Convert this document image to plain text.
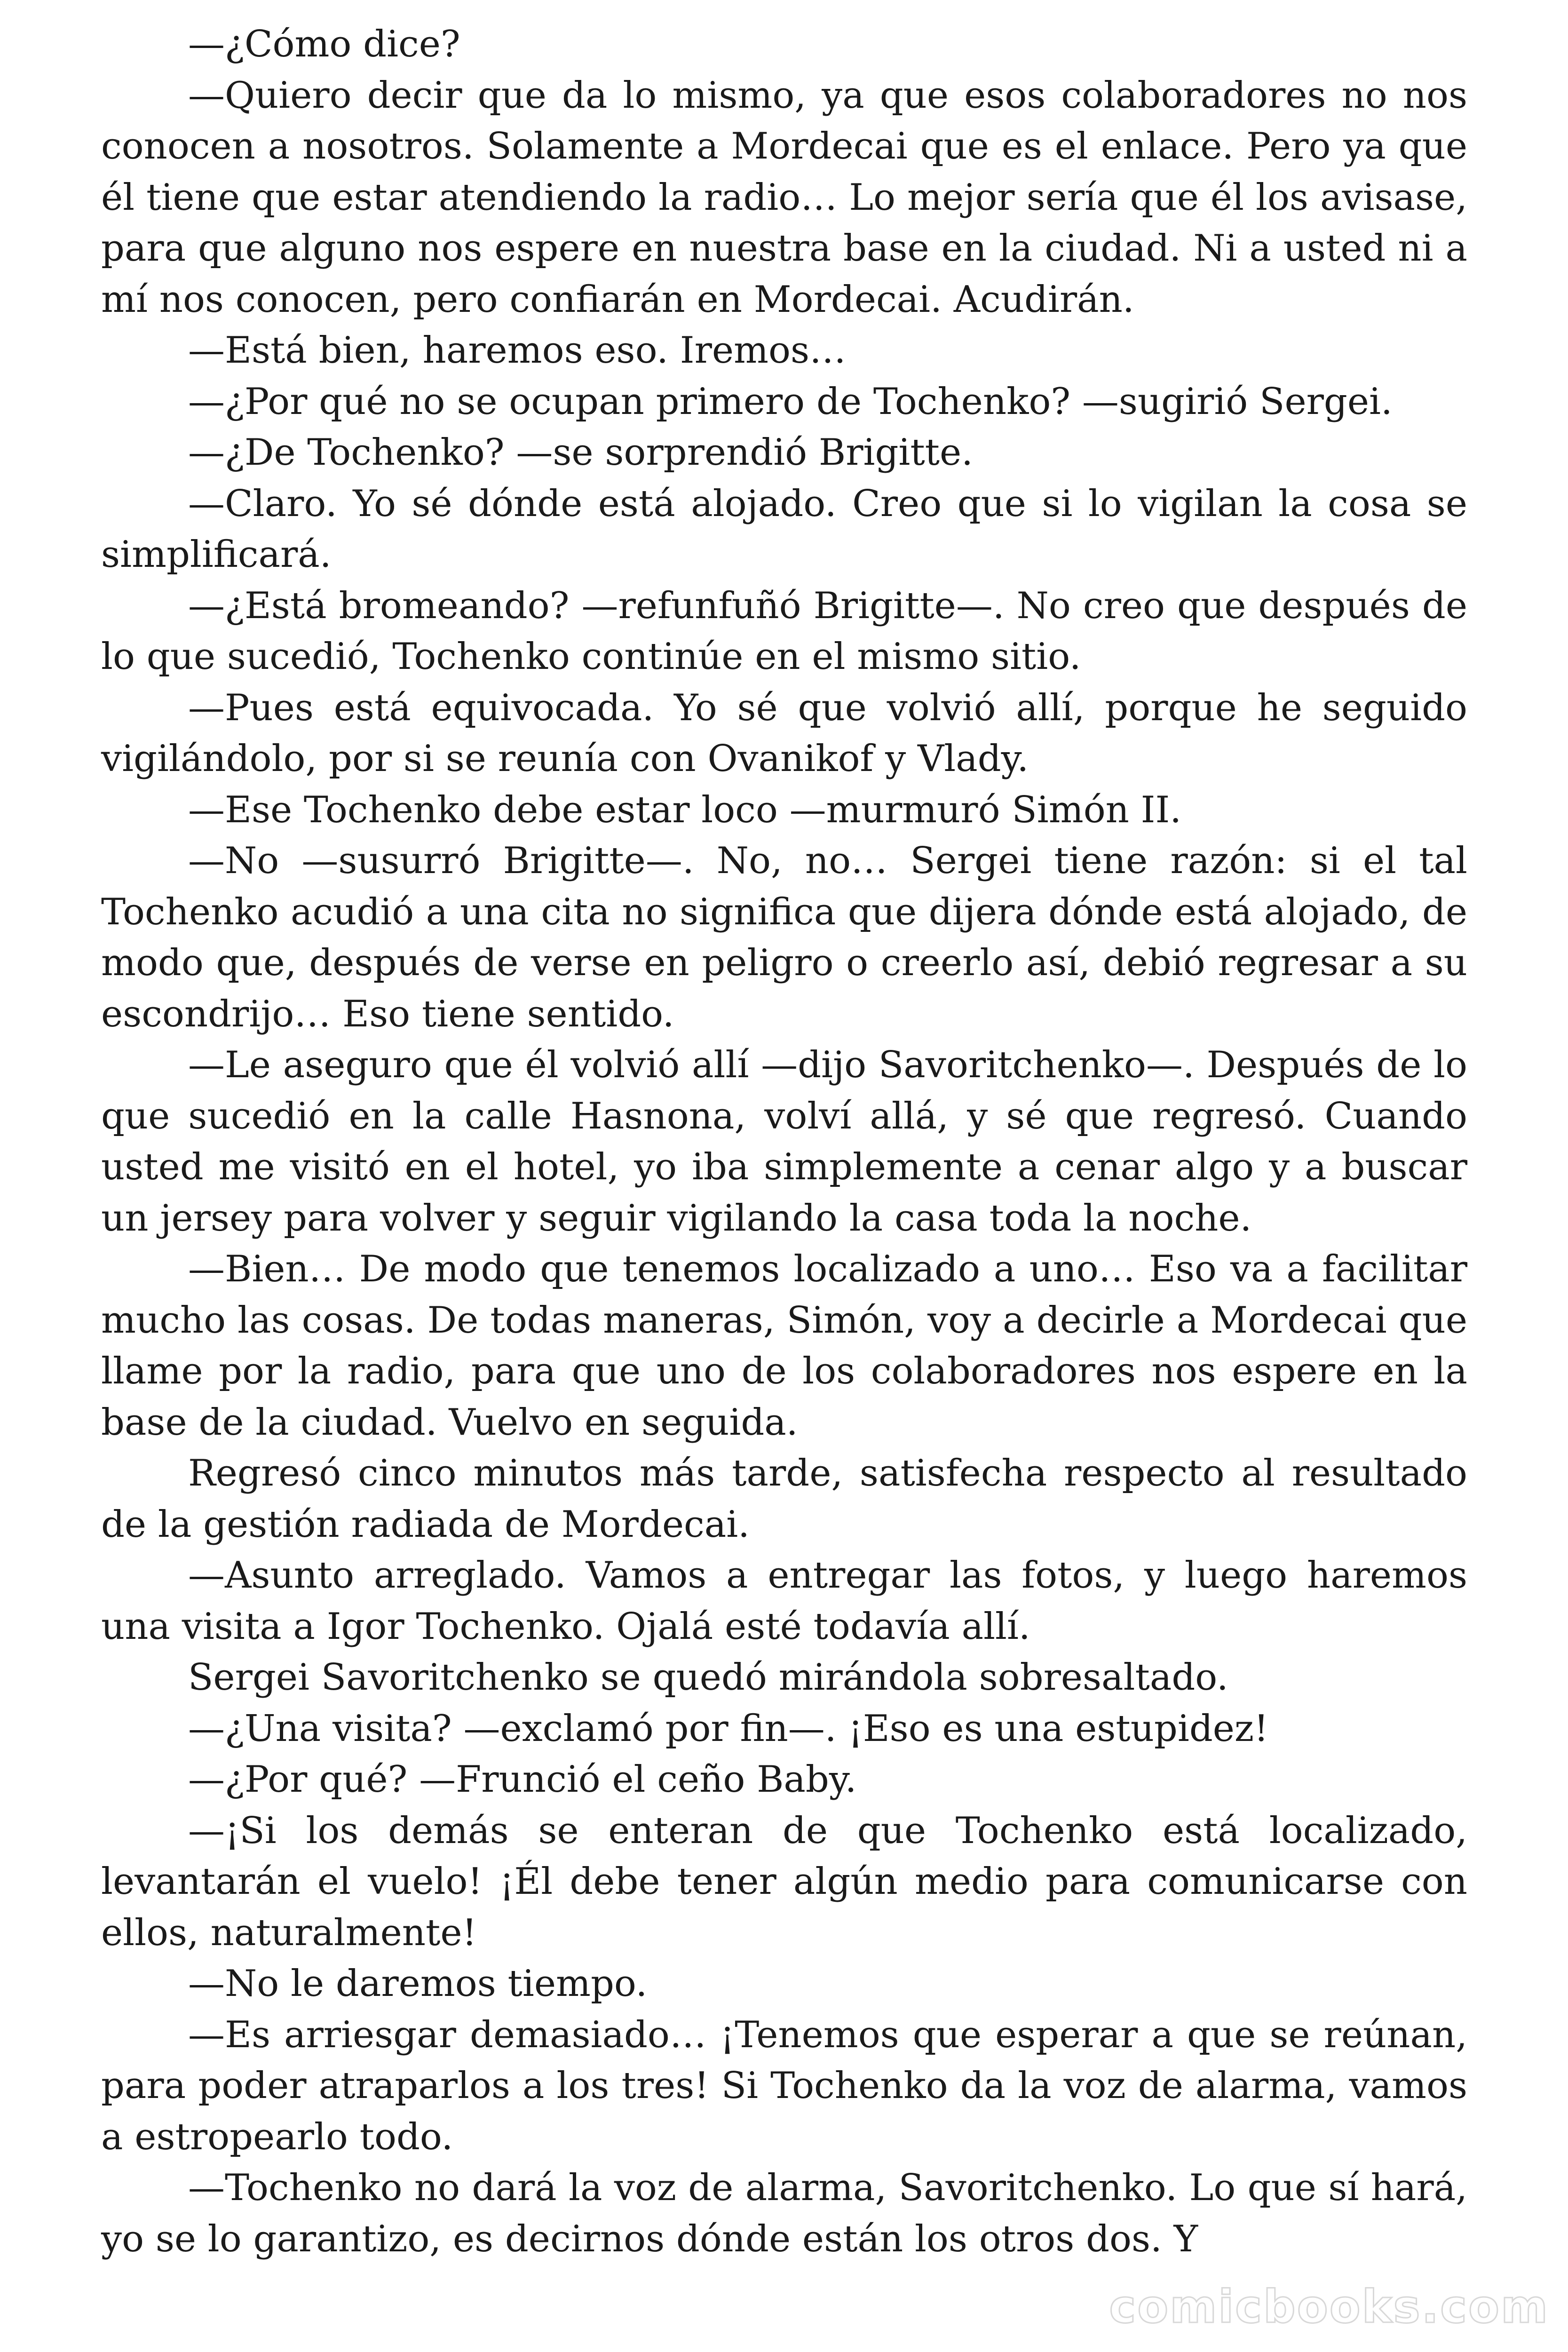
—¿Cómo dice?

—Quiero decir que da lo mismo, ya que esos colaboradores no nos conocen a nosotros. Solamente a Mordecai que es el enlace. Pero ya que él tiene que estar atendiendo la radio… Lo mejor sería que él los avisase, para que alguno nos espere en nuestra base en la ciudad. Ni a usted ni a mí nos conocen, pero confiarán en Mordecai. Acudirán.

—Está bien, haremos eso. Iremos…

—¿Por qué no se ocupan primero de Tochenko? —sugirió Sergei.

—¿De Tochenko? —se sorprendió Brigitte.

—Claro. Yo sé dónde está alojado. Creo que si lo vigilan la cosa se simplificará.

—¿Está bromeando? —refunfuñó Brigitte—. No creo que después de lo que sucedió, Tochenko continúe en el mismo sitio.

—Pues está equivocada. Yo sé que volvió allí, porque he seguido vigilándolo, por si se reunía con Ovanikof y Vlady.

—Ese Tochenko debe estar loco —murmuró Simón II.

—No —susurró Brigitte—. No, no… Sergei tiene razón: si el tal Tochenko acudió a una cita no significa que dijera dónde está alojado, de modo que, después de verse en peligro o creerlo así, debió regresar a su escondrijo… Eso tiene sentido.

—Le aseguro que él volvió allí —dijo Savoritchenko—. Después de lo que sucedió en la calle Hasnona, volví allá, y sé que regresó. Cuando usted me visitó en el hotel, yo iba simplemente a cenar algo y a buscar un jersey para volver y seguir vigilando la casa toda la noche.

—Bien… De modo que tenemos localizado a uno… Eso va a facilitar mucho las cosas. De todas maneras, Simón, voy a decirle a Mordecai que llame por la radio, para que uno de los colaboradores nos espere en la base de la ciudad. Vuelvo en seguida.

Regresó cinco minutos más tarde, satisfecha respecto al resultado de la gestión radiada de Mordecai.

—Asunto arreglado. Vamos a entregar las fotos, y luego haremos una visita a Igor Tochenko. Ojalá esté todavía allí.

Sergei Savoritchenko se quedó mirándola sobresaltado.

—¿Una visita? —exclamó por fin—. ¡Eso es una estupidez!

—¿Por qué? —Frunció el ceño Baby.

—¡Si los demás se enteran de que Tochenko está localizado, levantarán el vuelo! ¡Él debe tener algún medio para comunicarse con ellos, naturalmente!

—No le daremos tiempo.

—Es arriesgar demasiado… ¡Tenemos que esperar a que se reúnan, para poder atraparlos a los tres! Si Tochenko da la voz de alarma, vamos a estropearlo todo.

—Tochenko no dará la voz de alarma, Savoritchenko. Lo que sí hará, yo se lo garantizo, es decirnos dónde están los otros dos. Y

comicbooks.com
